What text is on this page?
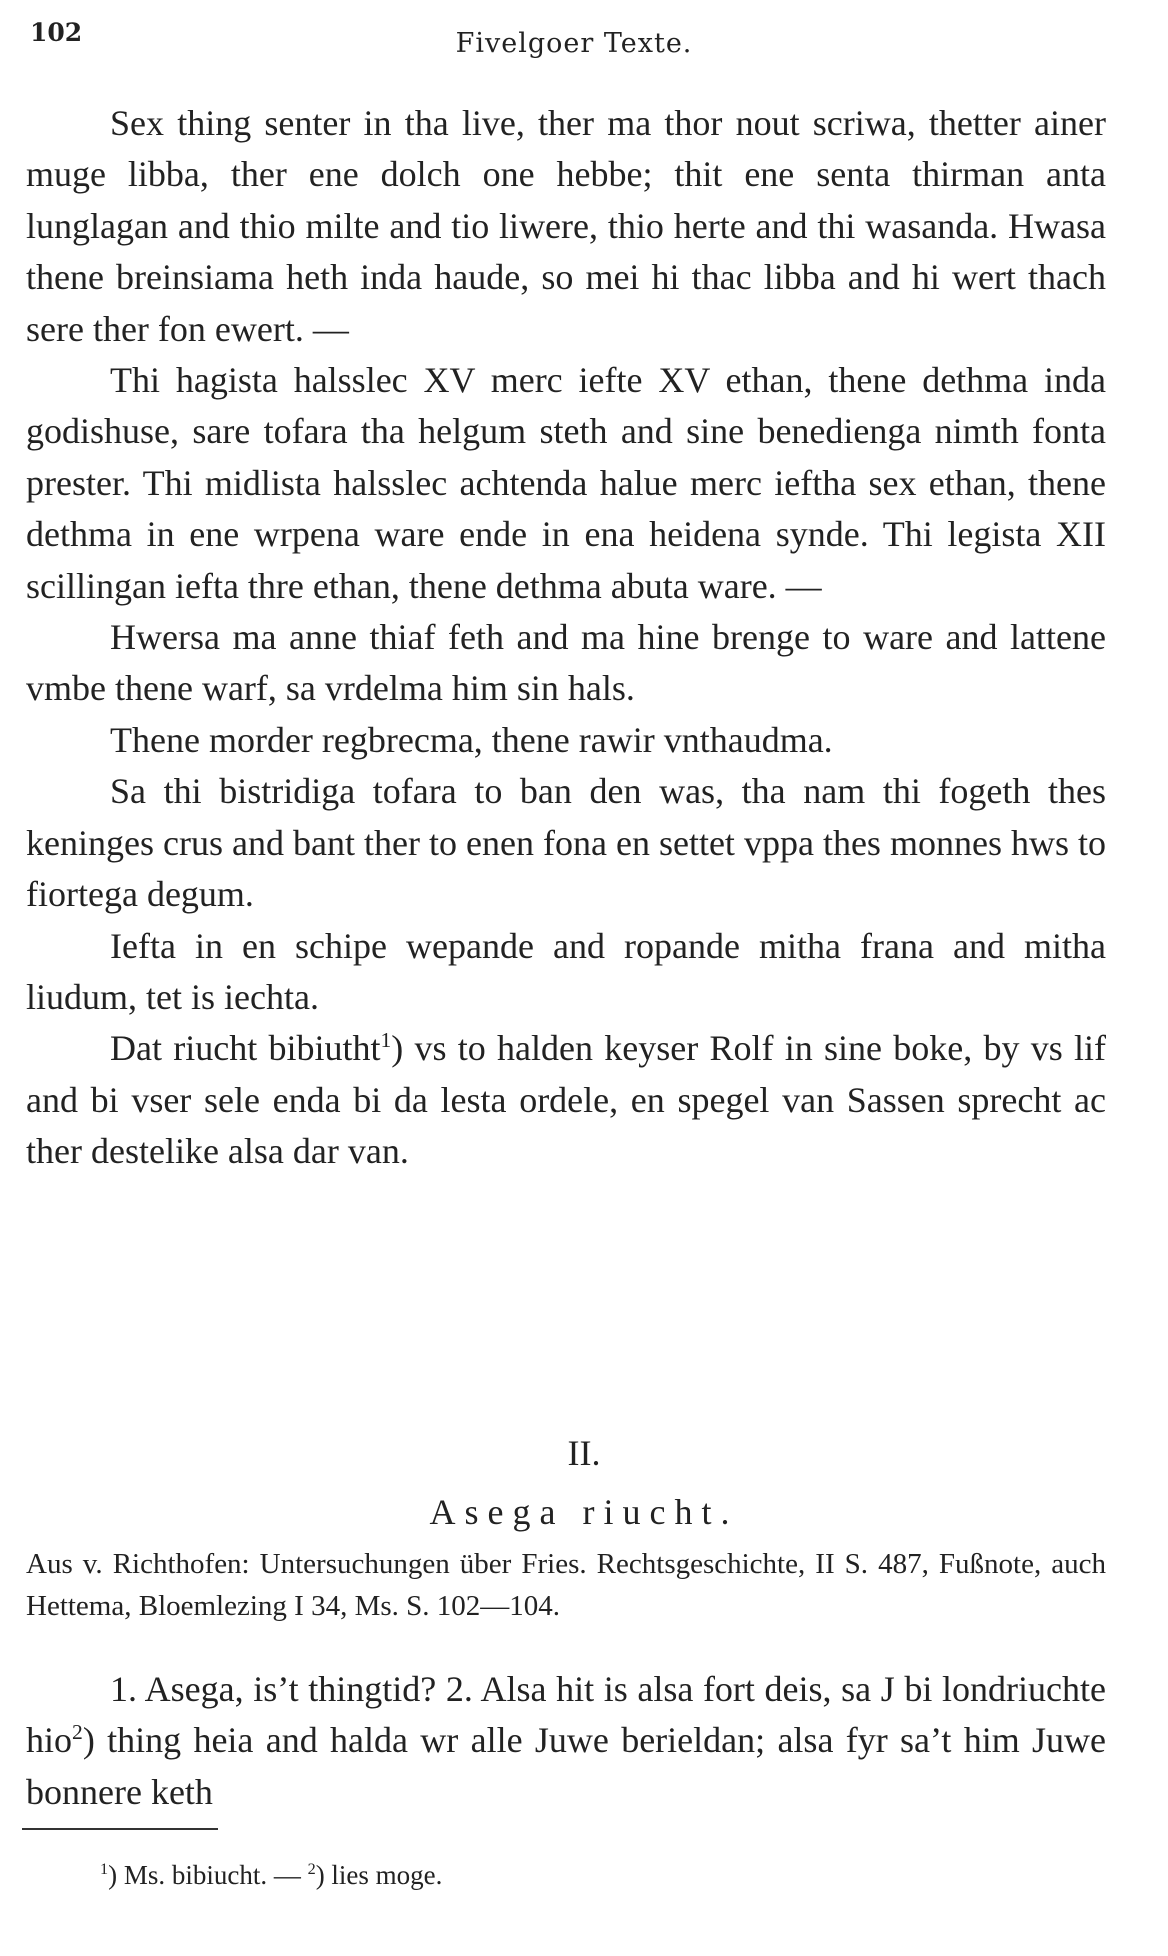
102	Fivelgoer Texte.

Sex thing senter in tha live, ther ma thor nout scriwa, thetter ainer muge libba, ther ene dolch one hebbe; thit ene senta thirman anta lunglagan and thio milte and tio liwere, thio herte and thi wasanda. Hwasa thene breinsiama heth inda haude, so mei hi thac libba and hi wert thach sere ther fon ewert. —

Thi hagista halsslec XV merc iefte XV ethan, thene dethma inda godishuse, sare tofara tha helgum steth and sine benedienga nimth fonta prester. Thi midlista halsslec achtenda halue merc ieftha sex ethan, thene dethma in ene wrpena ware ende in ena heidena synde. Thi legista XII scillingan iefta thre ethan, thene dethma abuta ware. —

Hwersa ma anne thiaf feth and ma hine brenge to ware and lattene vmbe thene warf, sa vrdelma him sin hals.

Thene morder regbrecma, thene rawir vnthaudma.

Sa thi bistridiga tofara to ban den was, tha nam thi fogeth thes keninges crus and bant ther to enen fona en settet vppa thes monnes hws to fiortega degum.

Iefta in en schipe wepande and ropande mitha frana and mitha liudum, tet is iechta.

Dat riucht bibiutht$^1$) vs to halden keyser Rolf in sine boke, by vs lif and bi vser sele enda bi da lesta ordele, en spegel van Sassen sprecht ac ther destelike alsa dar van.

II.
Asega riucht.
Aus v. Richthofen: Untersuchungen über Fries. Rechtsgeschichte, II S. 487, Fußnote, auch Hettema, Bloemlezing I 34, Ms. S. 102—104.

1. Asega, is’t thingtid? 2. Alsa hit is alsa fort deis, sa J bi londriuchte hio$^2$) thing heia and halda wr alle Juwe berieldan; alsa fyr sa’t him Juwe bonnere keth

$^1$) Ms. bibiucht. — $^2$) lies moge.
